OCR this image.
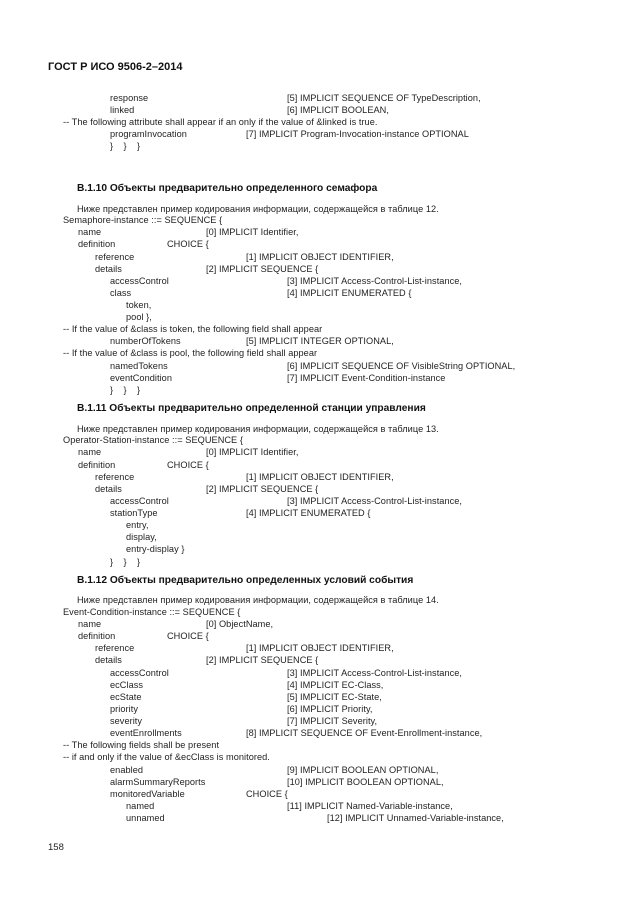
ГОСТ Р ИСО 9506-2–2014
response	[5] IMPLICIT SEQUENCE OF TypeDescription,
linked	[6] IMPLICIT BOOLEAN,
-- The following attribute shall appear if an only if the value of &linked is true.
programInvocation	[7] IMPLICIT Program-Invocation-instance OPTIONAL
}    }    }
B.1.10 Объекты предварительно определенного семафора
Ниже представлен пример кодирования информации, содержащейся в таблице 12.
Semaphore-instance ::= SEQUENCE {
name	[0] IMPLICIT Identifier,
definition	CHOICE {
reference	[1] IMPLICIT OBJECT IDENTIFIER,
details	[2] IMPLICIT SEQUENCE {
accessControl	[3] IMPLICIT Access-Control-List-instance,
class	[4] IMPLICIT ENUMERATED {
token,
pool },
-- If the value of &class is token, the following field shall appear
numberOfTokens	[5] IMPLICIT INTEGER OPTIONAL,
-- If the value of &class is pool, the following field shall appear
namedTokens	[6] IMPLICIT SEQUENCE OF VisibleString OPTIONAL,
eventCondition	[7] IMPLICIT Event-Condition-instance
}    }    }
B.1.11 Объекты предварительно определенной станции управления
Ниже представлен пример кодирования информации, содержащейся в таблице 13.
Operator-Station-instance ::= SEQUENCE {
name	[0] IMPLICIT Identifier,
definition	CHOICE {
reference	[1] IMPLICIT OBJECT IDENTIFIER,
details	[2] IMPLICIT SEQUENCE {
accessControl	[3] IMPLICIT Access-Control-List-instance,
stationType	[4] IMPLICIT ENUMERATED {
entry,
display,
entry-display }
}    }    }
B.1.12 Объекты предварительно определенных условий события
Ниже представлен пример кодирования информации, содержащейся в таблице 14.
Event-Condition-instance ::= SEQUENCE {
name	[0] ObjectName,
definition	CHOICE {
reference	[1] IMPLICIT OBJECT IDENTIFIER,
details	[2] IMPLICIT SEQUENCE {
accessControl	[3] IMPLICIT Access-Control-List-instance,
ecClass	[4] IMPLICIT EC-Class,
ecState	[5] IMPLICIT EC-State,
priority	[6] IMPLICIT Priority,
severity	[7] IMPLICIT Severity,
eventEnrollments	[8] IMPLICIT SEQUENCE OF Event-Enrollment-instance,
-- The following fields shall be present
-- if and only if the value of &ecClass is monitored.
enabled	[9] IMPLICIT BOOLEAN OPTIONAL,
alarmSummaryReports	[10] IMPLICIT BOOLEAN OPTIONAL,
monitoredVariable	CHOICE {
named	[11] IMPLICIT Named-Variable-instance,
unnamed	[12] IMPLICIT Unnamed-Variable-instance,
158
